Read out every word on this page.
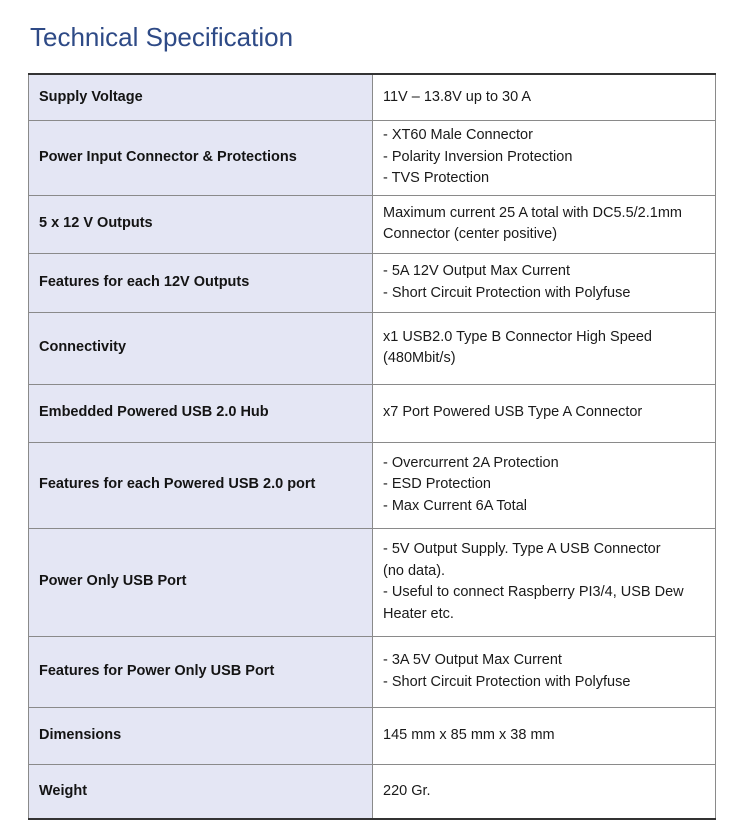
Technical Specification
Supply Voltage	11V – 13.8V up to 30 A

Power Input Connector & Protections	- XT60 Male Connector
- Polarity Inversion Protection
- TVS Protection

5 x 12 V Outputs	Maximum current 25 A total with DC5.5/2.1mm
Connector (center positive)

Features for each 12V Outputs	- 5A 12V Output Max Current
- Short Circuit Protection with Polyfuse

Connectivity	x1 USB2.0 Type B Connector High Speed
(480Mbit/s)

Embedded Powered USB 2.0 Hub	x7 Port Powered USB Type A Connector

Features for each Powered USB 2.0 port	- Overcurrent 2A Protection
- ESD Protection
- Max Current 6A Total

Power Only USB Port	- 5V Output Supply. Type A USB Connector
(no data).
- Useful to connect Raspberry PI3/4, USB Dew
Heater etc.

Features for Power Only USB Port	- 3A 5V Output Max Current
- Short Circuit Protection with Polyfuse

Dimensions	145 mm x 85 mm x 38 mm

Weight	220 Gr.
